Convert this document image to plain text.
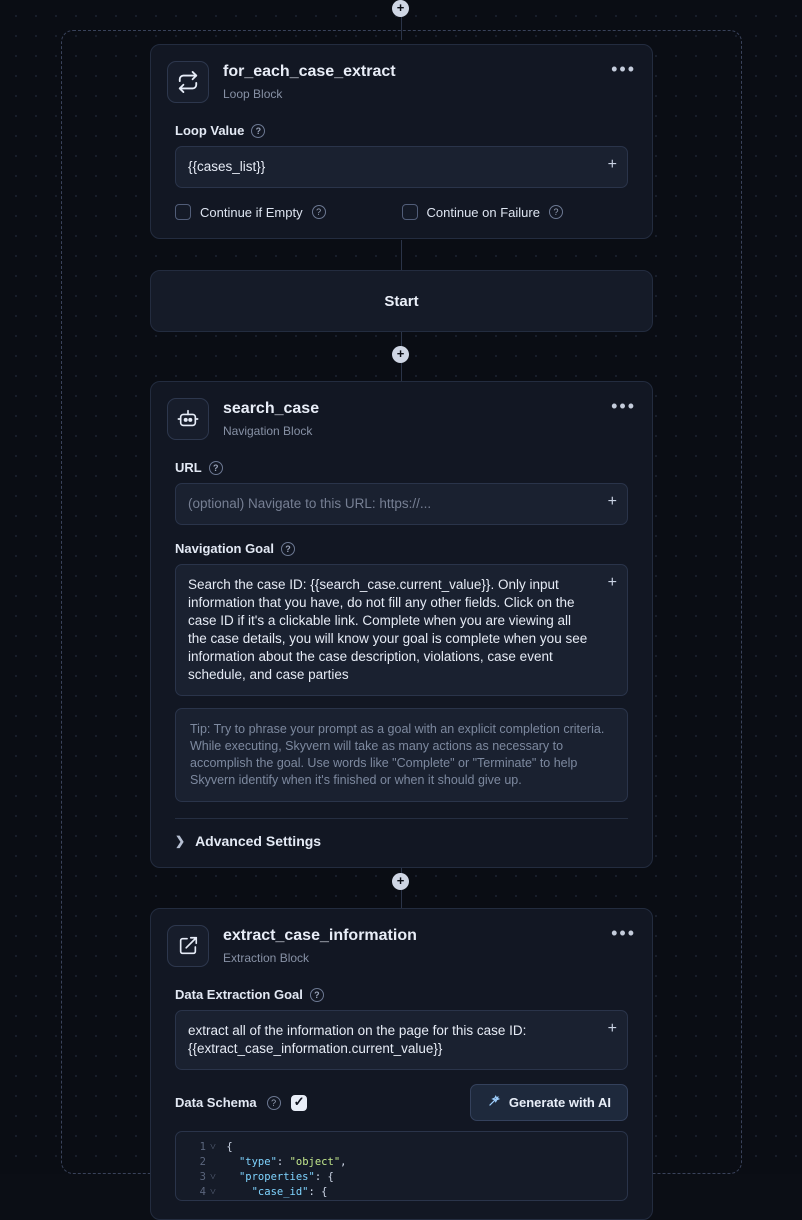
+
for_each_case_extract
Loop Block
•••
Loop Value	?
{{cases_list}}	+
Continue if Empty	?	Continue on Failure	?
Start
+
search_case
Navigation Block
•••
URL	?
(optional) Navigate to this URL: https://...	+
Navigation Goal	?
Search the case ID: {{search_case.current_value}}. Only input information that you have, do not fill any other fields. Click on the case ID if it's a clickable link. Complete when you are viewing all the case details, you will know your goal is complete when you see information about the case description, violations, case event schedule, and case parties
+
Tip: Try to phrase your prompt as a goal with an explicit completion criteria. While executing, Skyvern will take as many actions as necessary to accomplish the goal. Use words like "Complete" or "Terminate" to help Skyvern identify when it's finished or when it should give up.
❯ Advanced Settings
+
extract_case_information
Extraction Block
•••
Data Extraction Goal	?
extract all of the information on the page for this case ID: {{extract_case_information.current_value}}
+
Data Schema	? ✓	Generate with AI
1 ˅ {
2	"type": "object",
3 ˅	"properties": {
4 ˅	"case_id": {
